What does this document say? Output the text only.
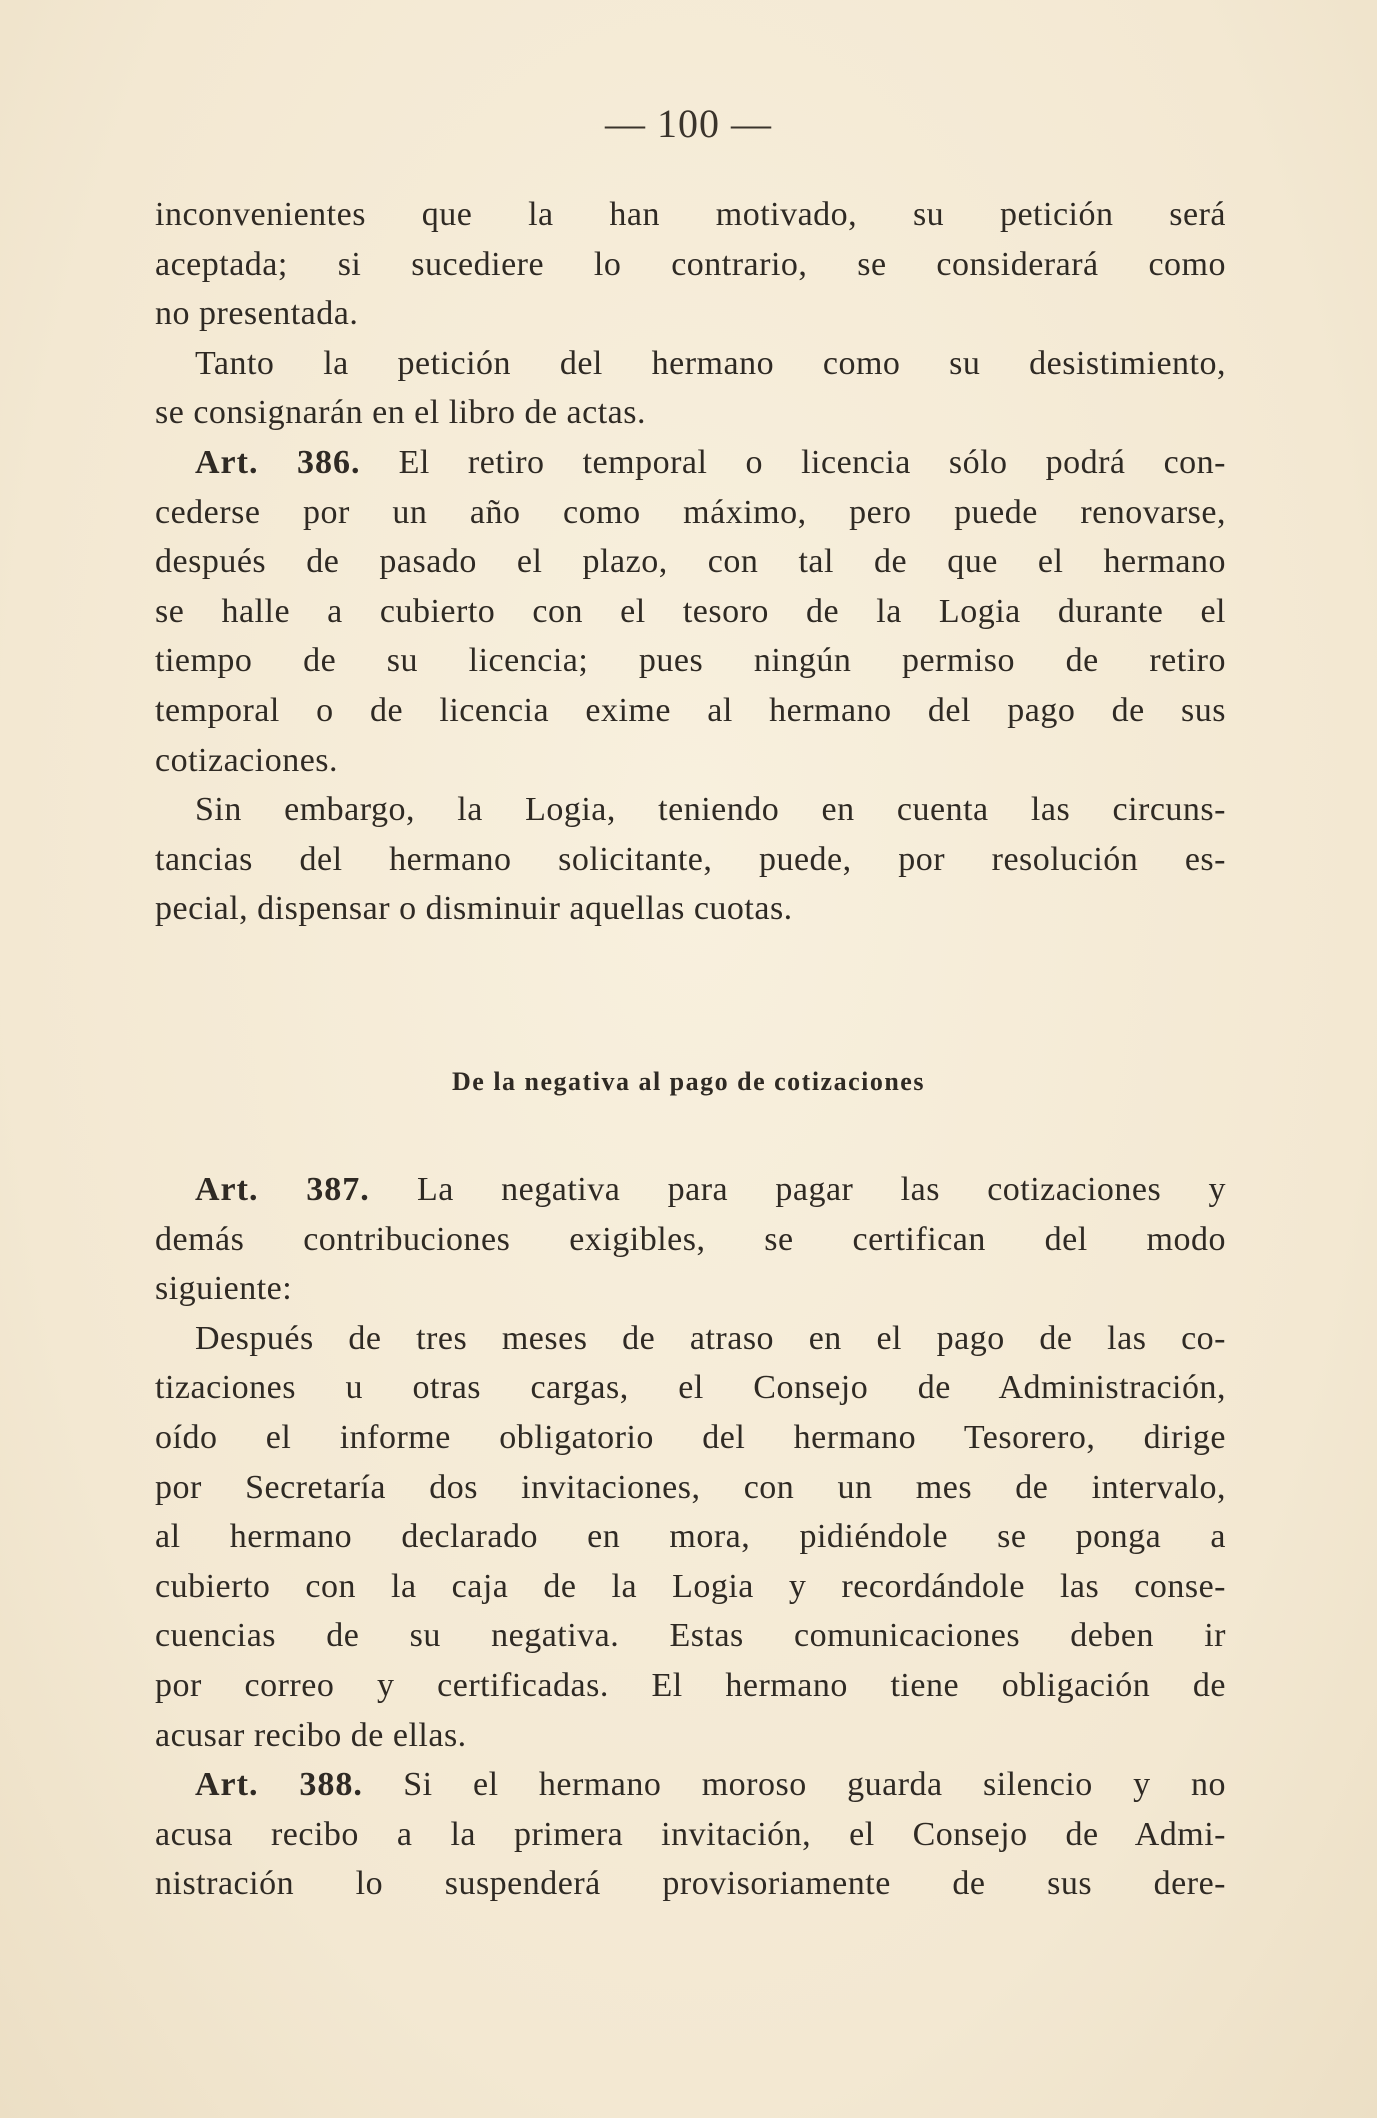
— 100 —
inconvenientes que la han motivado, su petición será
aceptada; si sucediere lo contrario, se considerará como
no presentada.
Tanto la petición del hermano como su desistimiento,
se consignarán en el libro de actas.
Art. 386. El retiro temporal o licencia sólo podrá con-
cederse por un año como máximo, pero puede renovarse,
después de pasado el plazo, con tal de que el hermano
se halle a cubierto con el tesoro de la Logia durante el
tiempo de su licencia; pues ningún permiso de retiro
temporal o de licencia exime al hermano del pago de sus
cotizaciones.
Sin embargo, la Logia, teniendo en cuenta las circuns-
tancias del hermano solicitante, puede, por resolución es-
pecial, dispensar o disminuir aquellas cuotas.
De la negativa al pago de cotizaciones
Art. 387. La negativa para pagar las cotizaciones y
demás contribuciones exigibles, se certifican del modo
siguiente:
Después de tres meses de atraso en el pago de las co-
tizaciones u otras cargas, el Consejo de Administración,
oído el informe obligatorio del hermano Tesorero, dirige
por Secretaría dos invitaciones, con un mes de intervalo,
al hermano declarado en mora, pidiéndole se ponga a
cubierto con la caja de la Logia y recordándole las conse-
cuencias de su negativa. Estas comunicaciones deben ir
por correo y certificadas. El hermano tiene obligación de
acusar recibo de ellas.
Art. 388. Si el hermano moroso guarda silencio y no
acusa recibo a la primera invitación, el Consejo de Admi-
nistración lo suspenderá provisoriamente de sus dere-
